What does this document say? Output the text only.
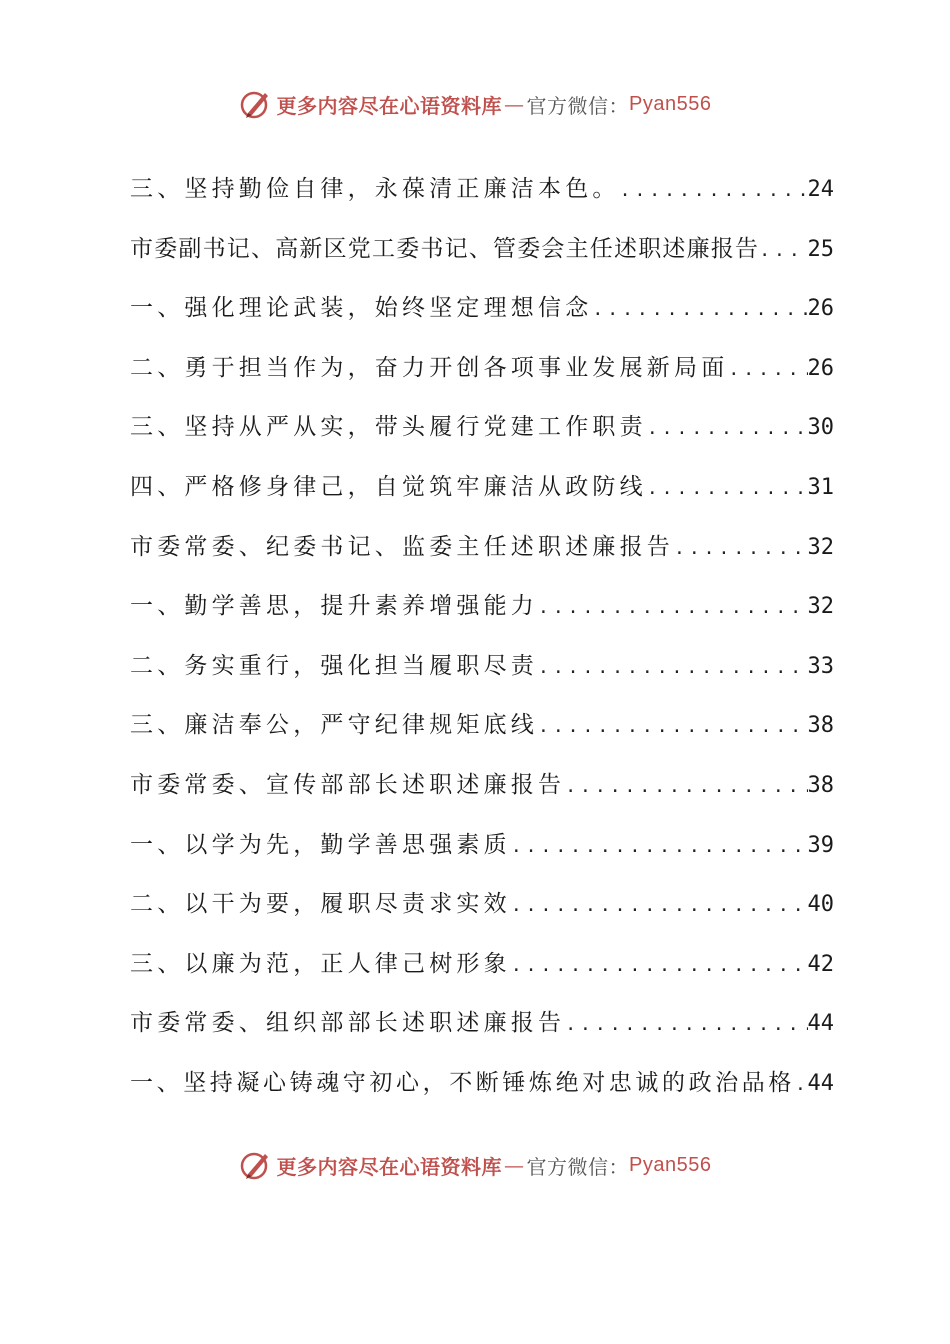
更多内容尽在心语资料库 — 官方微信： Pyan556
三、坚持勤俭自律，永葆清正廉洁本色。 .....	24
市委副书记、高新区党工委书记、管委会主任述职述廉报告 ..... 25
一、强化理论武装，始终坚定理想信念 .....	26
二、勇于担当作为，奋力开创各项事业发展新局面 .....	26
三、坚持从严从实，带头履行党建工作职责 .....	30
四、严格修身律己，自觉筑牢廉洁从政防线 .....	31
市委常委、纪委书记、监委主任述职述廉报告 .....	32
一、勤学善思，提升素养增强能力 .....	32
二、务实重行，强化担当履职尽责 .....	33
三、廉洁奉公，严守纪律规矩底线 .....	38
市委常委、宣传部部长述职述廉报告 .....	38
一、以学为先，勤学善思强素质 .....	39
二、以干为要，履职尽责求实效 .....	40
三、以廉为范，正人律己树形象 .....	42
市委常委、组织部部长述职述廉报告 .....	44
一、坚持凝心铸魂守初心，不断锤炼绝对忠诚的政治品格 ..... 44
更多内容尽在心语资料库 — 官方微信： Pyan556
